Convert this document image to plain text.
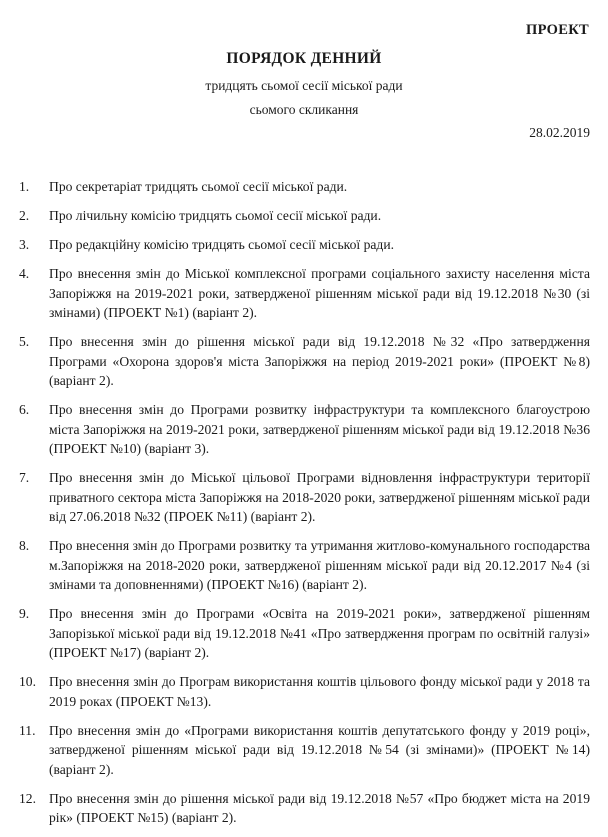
ПРОЕКТ
ПОРЯДОК ДЕННИЙ
тридцять сьомої сесії міської ради
сьомого скликання
28.02.2019
1. Про секретаріат тридцять сьомої сесії міської ради.
2. Про лічильну комісію тридцять сьомої сесії міської ради.
3. Про редакційну комісію тридцять сьомої сесії міської ради.
4. Про внесення змін до Міської комплексної програми соціального захисту населення міста Запоріжжя на 2019-2021 роки, затвердженої рішенням міської ради від 19.12.2018 №30 (зі змінами) (ПРОЕКТ №1) (варіант 2).
5. Про внесення змін до рішення міської ради від 19.12.2018 №32 «Про затвердження Програми «Охорона здоров'я міста Запоріжжя на період 2019-2021 роки» (ПРОЕКТ №8) (варіант 2).
6. Про внесення змін до Програми розвитку інфраструктури та комплексного благоустрою міста Запоріжжя на 2019-2021 роки, затвердженої рішенням міської ради від 19.12.2018 №36 (ПРОЕКТ №10) (варіант 3).
7. Про внесення змін до Міської цільової Програми відновлення інфраструктури території приватного сектора міста Запоріжжя на 2018-2020 роки, затвердженої рішенням міської ради від 27.06.2018 №32 (ПРОЕК №11) (варіант 2).
8. Про внесення змін до Програми розвитку та утримання житлово-комунального господарства м.Запоріжжя на 2018-2020 роки, затвердженої рішенням міської ради від 20.12.2017 №4 (зі змінами та доповненнями) (ПРОЕКТ №16) (варіант 2).
9. Про внесення змін до Програми «Освіта на 2019-2021 роки», затвердженої рішенням Запорізької міської ради від 19.12.2018 №41 «Про затвердження програм по освітній галузі» (ПРОЕКТ №17) (варіант 2).
10. Про внесення змін до Програм використання коштів цільового фонду міської ради у 2018 та 2019 роках (ПРОЕКТ №13).
11. Про внесення змін до «Програми використання коштів депутатського фонду у 2019 році», затвердженої рішенням міської ради від 19.12.2018 №54 (зі змінами)» (ПРОЕКТ №14) (варіант 2).
12. Про внесення змін до рішення міської ради від 19.12.2018 №57 «Про бюджет міста на 2019 рік» (ПРОЕКТ №15) (варіант 2).
